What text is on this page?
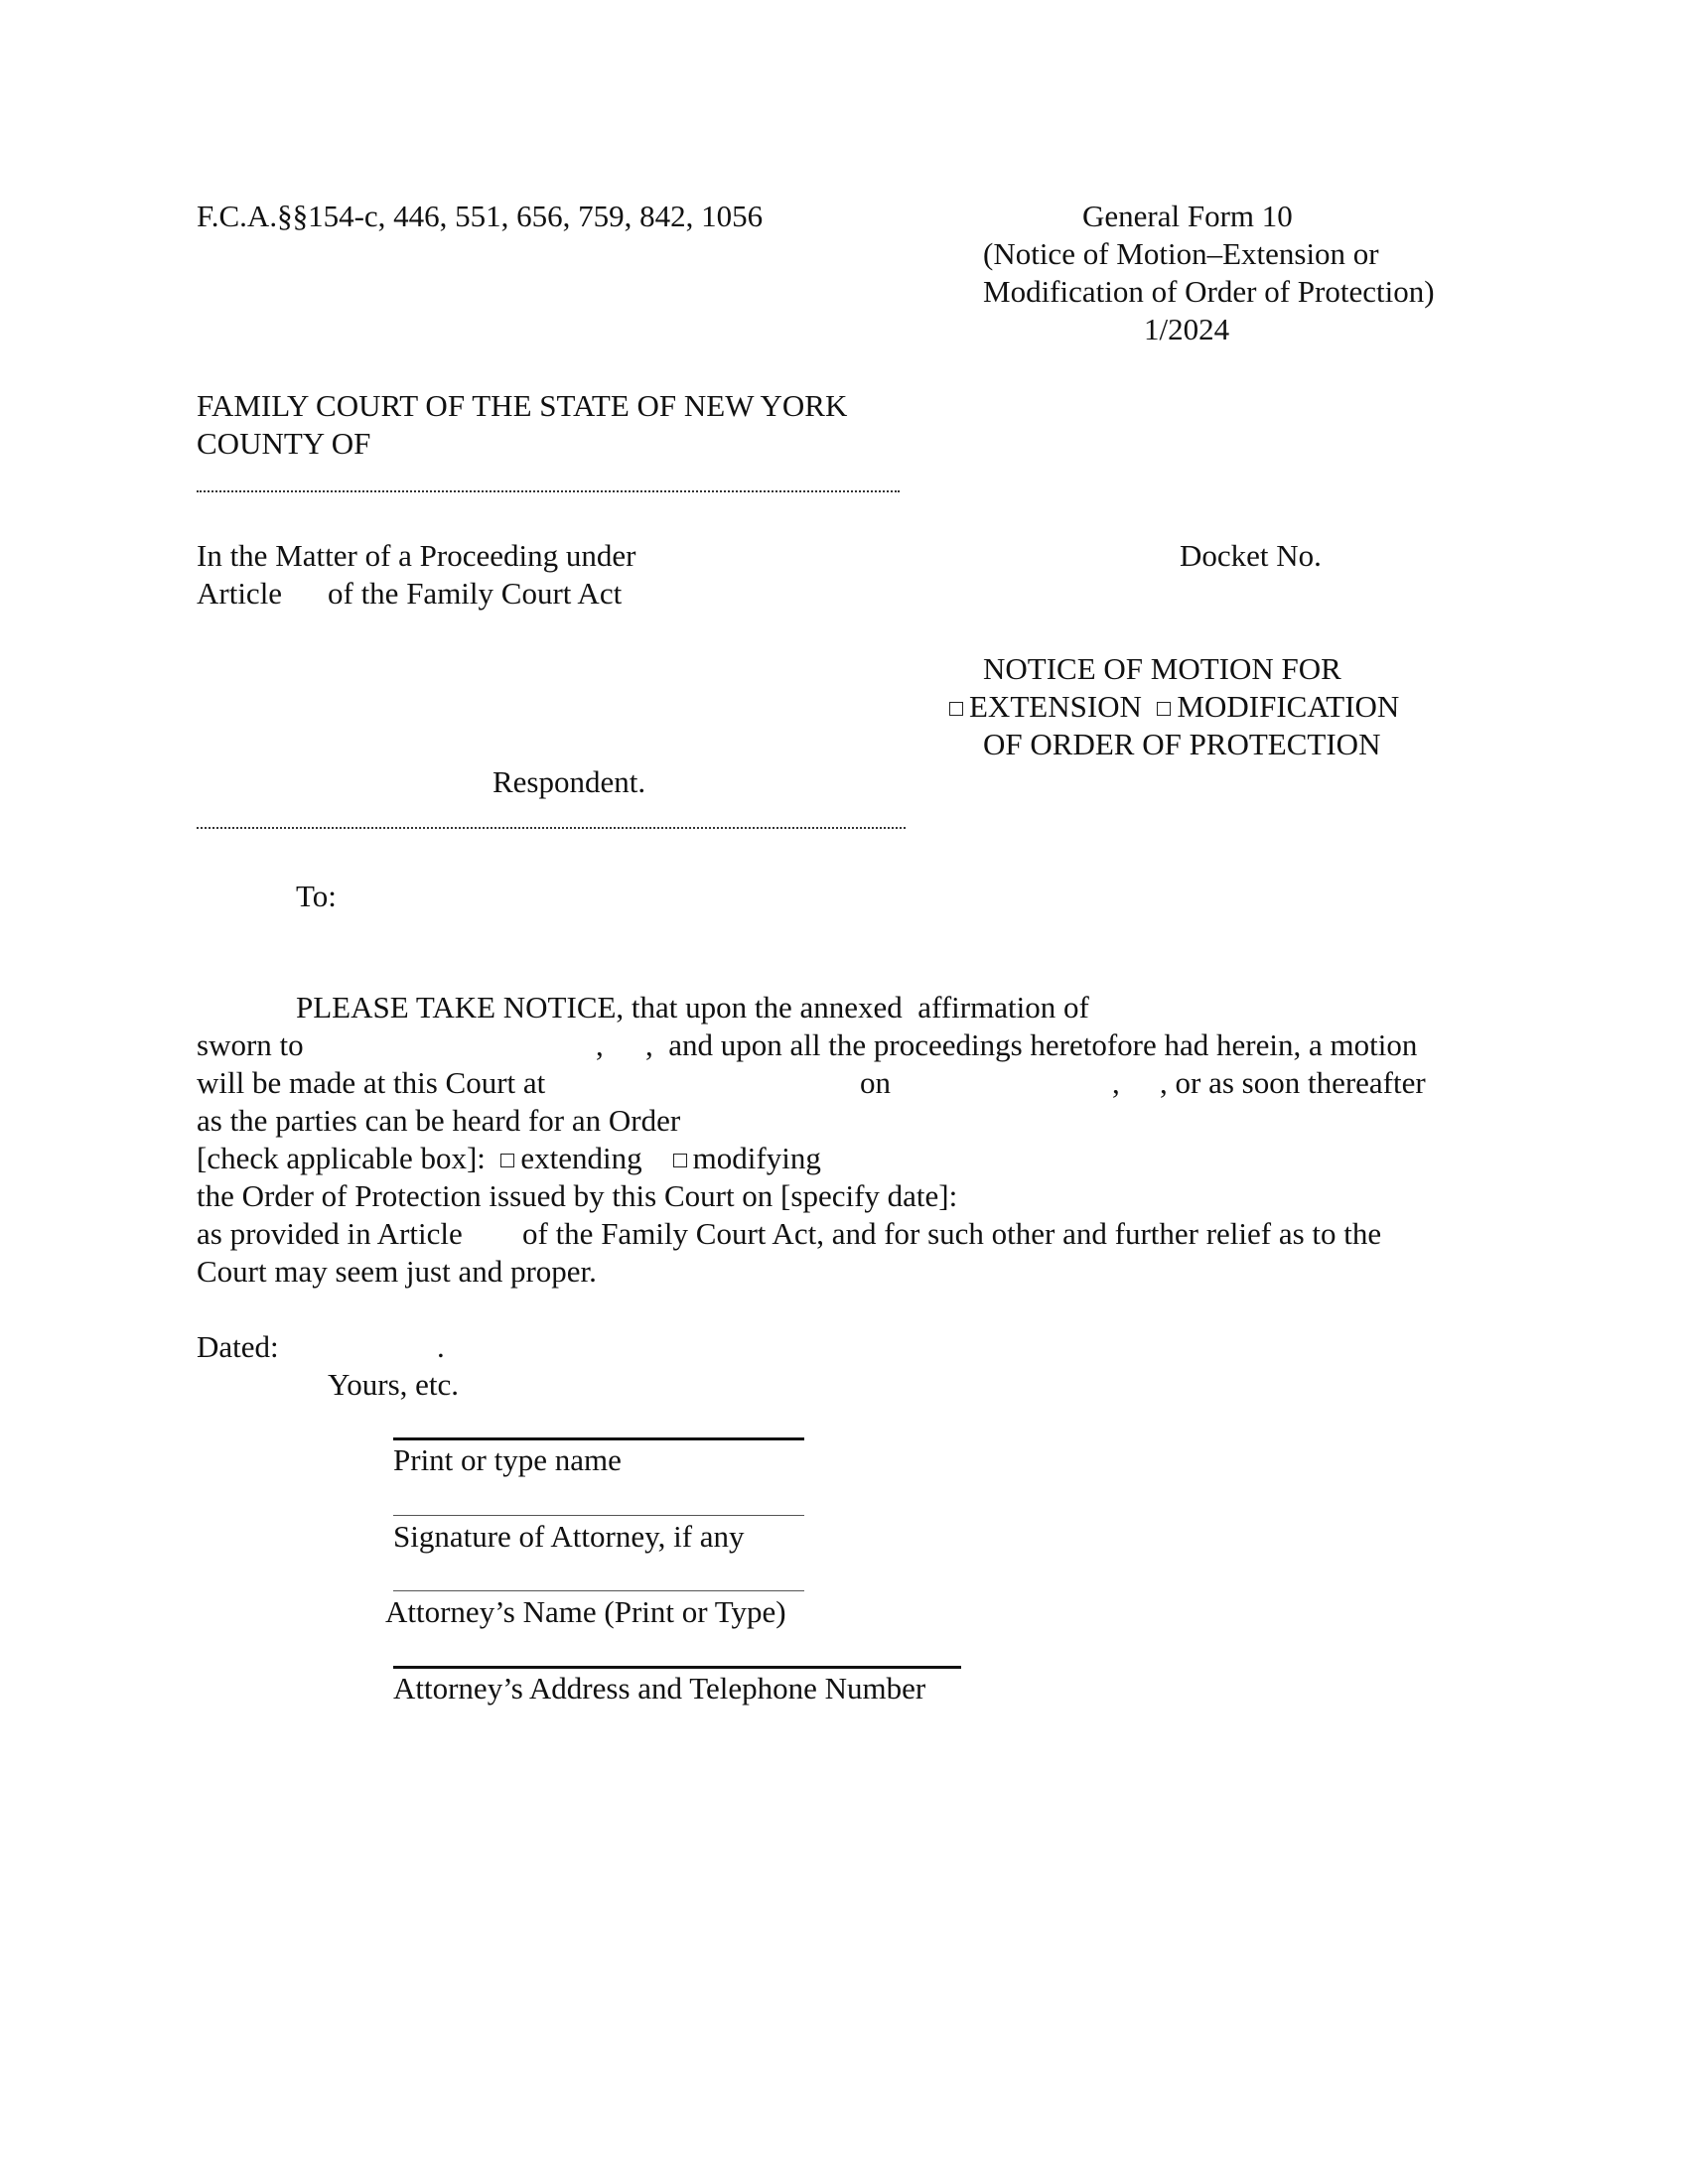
F.C.A.§§154-c, 446, 551, 656, 759, 842, 1056	General Form 10
(Notice of Motion–Extension or
Modification of Order of Protection)
1/2024
FAMILY COURT OF THE STATE OF NEW YORK
COUNTY OF
In the Matter of a Proceeding under
Article of the Family Court Act
Docket No.
NOTICE OF MOTION FOR
EXTENSION MODIFICATION
OF ORDER OF PROTECTION
Respondent.
To:
PLEASE TAKE NOTICE, that upon the annexed  affirmation of
sworn to	, ,  and upon all the proceedings heretofore had herein, a motion
will be made at this Court at	on	, , or as soon thereafter
as the parties can be heard for an Order
[check applicable box]: extending modifying
the Order of Protection issued by this Court on [specify date]:
as provided in Article of the Family Court Act, and for such other and further relief as to the
Court may seem just and proper.
Dated:	.
Yours, etc.
Print or type name
Signature of Attorney, if any
Attorney’s Name (Print or Type)
Attorney’s Address and Telephone Number
